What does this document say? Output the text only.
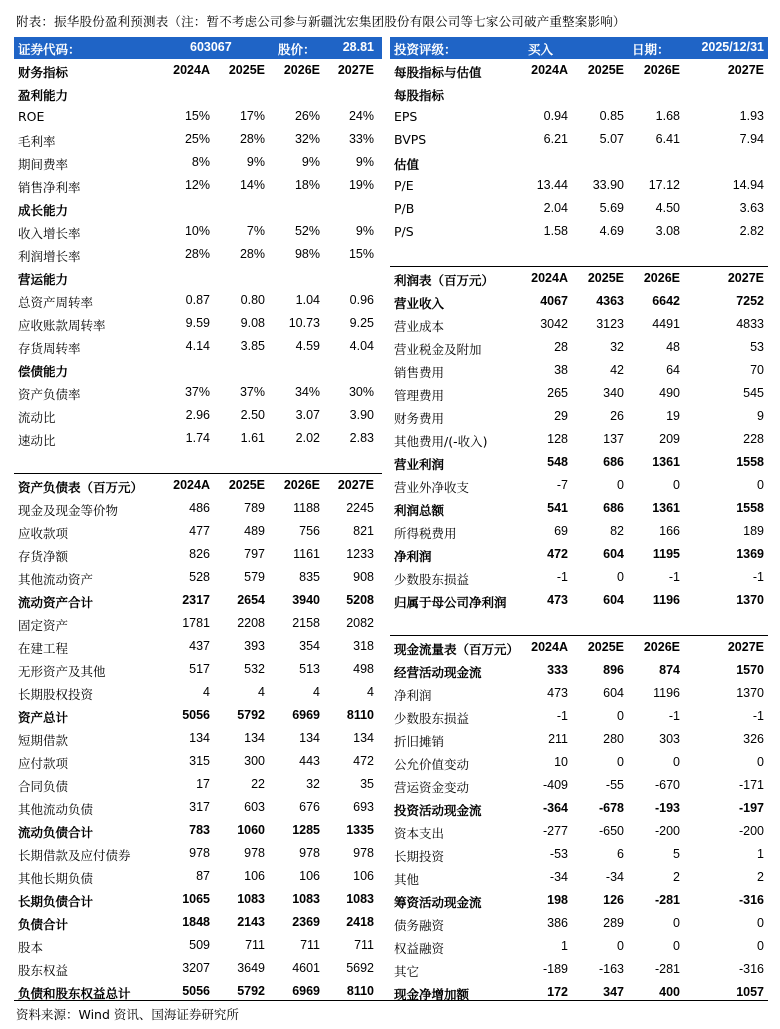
附表：振华股份盈利预测表（注：暂不考虑公司参与新疆沈宏集团股份有限公司等七家公司破产重整案影响）
证券代码：	603067	股价： 28.81 投资评级：	买入	日期：	2025/12/31
财务指标	2024A 2025E 2026E 2027E
盈利能力
ROE	15% 17% 26% 24%
毛利率	25% 28% 32% 33%
期间费率	8%	9%	9%	9%
销售净利率	12% 14% 18% 19%
成长能力
收入增长率	10%	7% 52%	9%
利润增长率	28% 28% 98% 15%
营运能力
总资产周转率	0.87 0.80 1.04 0.96
应收账款周转率	9.59 9.08 10.73 9.25
存货周转率	4.14 3.85 4.59 4.04
偿债能力
资产负债率	37% 37% 34% 30%
流动比	2.96 2.50 3.07 3.90
速动比	1.74 1.61 2.02 2.83
资产负债表（百万元） 2024A 2025E 2026E 2027E
现金及现金等价物	486	789 1188 2245
应收款项	477	489	756	821
存货净额	826	797 1161 1233
其他流动资产	528	579	835	908
流动资产合计	2317 2654 3940 5208
固定资产	1781 2208 2158 2082
在建工程	437	393	354	318
无形资产及其他	517	532	513	498
长期股权投资	4	4	4	4
资产总计	5056 5792 6969 8110
短期借款	134	134	134	134
应付款项	315	300	443	472
合同负债	17	22	32	35
其他流动负债	317	603	676	693
流动负债合计	783 1060 1285 1335
长期借款及应付债券	978	978	978	978
其他长期负债	87	106	106	106
长期负债合计	1065 1083 1083 1083
负债合计	1848 2143 2369 2418
股本	509	711	711	711
股东权益	3207 3649 4601 5692
负债和股东权益总计	5056 5792 6969 8110
每股指标与估值	2024A 2025E 2026E	2027E
每股指标
EPS	0.94	0.85	1.68	1.93
BVPS	6.21	5.07	6.41	7.94
估值
P/E	13.44 33.90 17.12	14.94
P/B	2.04	5.69	4.50	3.63
P/S	1.58	4.69	3.08	2.82
利润表（百万元）	2024A 2025E 2026E	2027E
营业收入	4067 4363 6642	7252
营业成本	3042 3123 4491	4833
营业税金及附加	28	32	48	53
销售费用	38	42	64	70
管理费用	265	340	490	545
财务费用	29	26	19	9
其他费用/(-收入)	128	137	209	228
营业利润	548	686 1361	1558
营业外净收支	-7	0	0	0
利润总额	541	686 1361	1558
所得税费用	69	82	166	189
净利润	472	604 1195	1369
少数股东损益	-1	0	-1	-1
归属于母公司净利润	473	604 1196	1370
现金流量表（百万元） 2024A 2025E 2026E	2027E
经营活动现金流	333	896	874	1570
净利润	473	604 1196	1370
少数股东损益	-1	0	-1	-1
折旧摊销	211	280	303	326
公允价值变动	10	0	0	0
营运资金变动	-409	-55 -670	-171
投资活动现金流	-364 -678 -193	-197
资本支出	-277 -650 -200	-200
长期投资	-53	6	5	1
其他	-34	-34	2	2
筹资活动现金流	198	126 -281	-316
债务融资	386	289	0	0
权益融资	1	0	0	0
其它	-189 -163 -281	-316
现金净增加额	172	347	400	1057
资料来源：Wind 资讯、国海证券研究所
